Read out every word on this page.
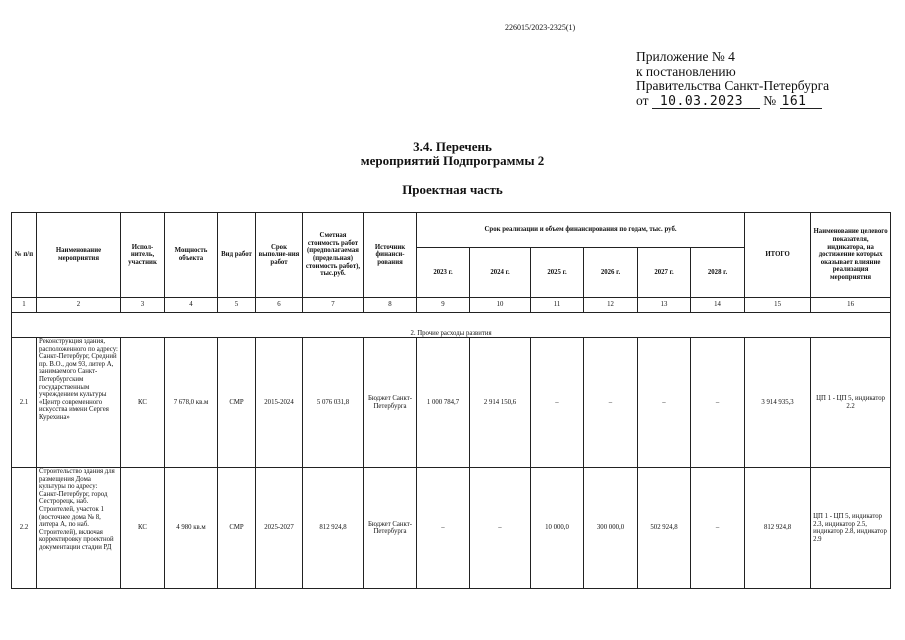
226015/2023-2325(1)
Приложение № 4
к постановлению
Правительства Санкт-Петербурга
от 10.03.2023 № 161
3.4. Перечень
мероприятий Подпрограммы 2
Проектная часть
№ п/п	Наименование мероприятия	Испол-нитель, участник	Мощность объекта	Вид работ	Срок выполне-ния работ	Сметная стоимость работ (предполагаемая (предельная) стоимость работ), тыс.руб.	Источник финанси-рования	Срок реализации и объем финансирования по годам, тыс. руб.						ИТОГО	Наименование целевого показателя, индикатора, на достижение которых оказывает влияние реализация мероприятия
								2023 г.	2024 г.	2025 г.	2026 г.	2027 г.	2028 г.		
1	2	3	4	5	6	7	8	9	10	11	12	13	14	15	16

2. Прочие расходы развития															
2.1	Реконструкция здания, расположенного по адресу: Санкт-Петербург, Средний пр. В.О., дом 93, литер А, занимаемого Санкт-Петербургским государственным учреждением культуры «Центр современного искусства имени Сергея Курехина»	КС	7 678,0 кв.м	СМР	2015-2024	5 076 031,8	Бюджет Санкт-Петербурга	1 000 784,7	2 914 150,6	–	–	–	–	3 914 935,3	ЦП 1 - ЦП 5, индикатор 2.2
2.2	Строительство здания для размещения Дома культуры по адресу: Санкт-Петербург, город Сестрорецк, наб. Строителей, участок 1 (восточнее дома № 8, литера А, по наб. Строителей), включая корректировку проектной документации стадии РД	КС	4 980 кв.м	СМР	2025-2027	812 924,8	Бюджет Санкт-Петербурга	–	–	10 000,0	300 000,0	502 924,8	–	812 924,8	ЦП 1 - ЦП 5, индикатор 2.3, индикатор 2.5, индикатор 2.8, индикатор 2.9
